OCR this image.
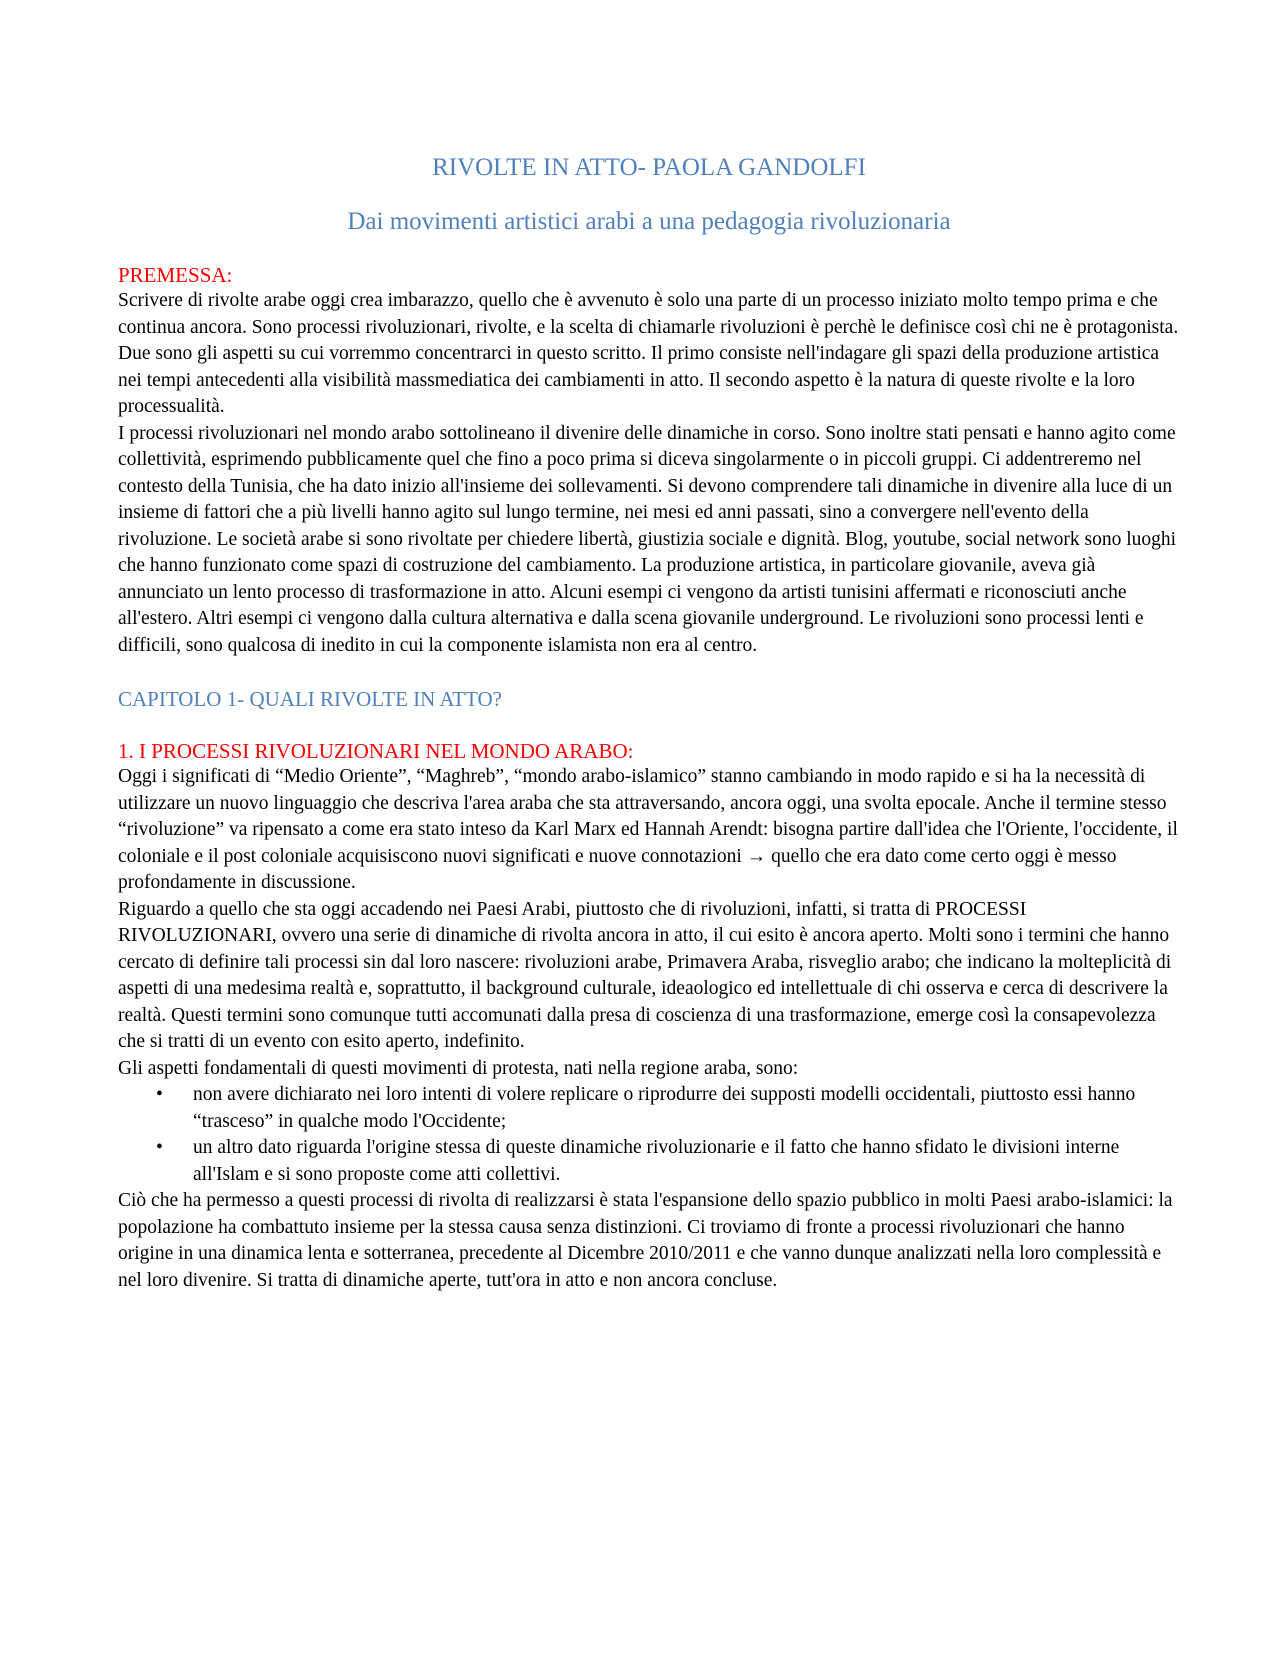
RIVOLTE IN ATTO- PAOLA GANDOLFI
Dai movimenti artistici arabi a una pedagogia rivoluzionaria
PREMESSA:

Scrivere di rivolte arabe oggi crea imbarazzo, quello che è avvenuto è solo una parte di un processo iniziato molto tempo prima e che continua ancora. Sono processi rivoluzionari, rivolte, e la scelta di chiamarle rivoluzioni è perchè le definisce così chi ne è protagonista.

Due sono gli aspetti su cui vorremmo concentrarci in questo scritto. Il primo consiste nell'indagare gli spazi della produzione artistica nei tempi antecedenti alla visibilità massmediatica dei cambiamenti in atto. Il secondo aspetto è la natura di queste rivolte e la loro processualità.

I processi rivoluzionari nel mondo arabo sottolineano il divenire delle dinamiche in corso. Sono inoltre stati pensati e hanno agito come collettività, esprimendo pubblicamente quel che fino a poco prima si diceva singolarmente o in piccoli gruppi. Ci addentreremo nel contesto della Tunisia, che ha dato inizio all'insieme dei sollevamenti. Si devono comprendere tali dinamiche in divenire alla luce di un insieme di fattori che a più livelli hanno agito sul lungo termine, nei mesi ed anni passati, sino a convergere nell'evento della rivoluzione. Le società arabe si sono rivoltate per chiedere libertà, giustizia sociale e dignità. Blog, youtube, social network sono luoghi che hanno funzionato come spazi di costruzione del cambiamento. La produzione artistica, in particolare giovanile, aveva già annunciato un lento processo di trasformazione in atto. Alcuni esempi ci vengono da artisti tunisini affermati e riconosciuti anche all'estero. Altri esempi ci vengono dalla cultura alternativa e dalla scena giovanile underground. Le rivoluzioni sono processi lenti e difficili, sono qualcosa di inedito in cui la componente islamista non era al centro.

CAPITOLO 1- QUALI RIVOLTE IN ATTO?
1. I PROCESSI RIVOLUZIONARI NEL MONDO ARABO:

Oggi i significati di “Medio Oriente”, “Maghreb”, “mondo arabo-islamico” stanno cambiando in modo rapido e si ha la necessità di utilizzare un nuovo linguaggio che descriva l'area araba che sta attraversando, ancora oggi, una svolta epocale. Anche il termine stesso “rivoluzione” va ripensato a come era stato inteso da Karl Marx ed Hannah Arendt: bisogna partire dall'idea che l'Oriente, l'occidente, il coloniale e il post coloniale acquisiscono nuovi significati e nuove connotazioni → quello che era dato come certo oggi è messo profondamente in discussione.

Riguardo a quello che sta oggi accadendo nei Paesi Arabi, piuttosto che di rivoluzioni, infatti, si tratta di PROCESSI RIVOLUZIONARI, ovvero una serie di dinamiche di rivolta ancora in atto, il cui esito è ancora aperto. Molti sono i termini che hanno cercato di definire tali processi sin dal loro nascere: rivoluzioni arabe, Primavera Araba, risveglio arabo; che indicano la molteplicità di aspetti di una medesima realtà e, soprattutto, il background culturale, ideaologico ed intellettuale di chi osserva e cerca di descrivere la realtà. Questi termini sono comunque tutti accomunati dalla presa di coscienza di una trasformazione, emerge così la consapevolezza che si tratti di un evento con esito aperto, indefinito.

Gli aspetti fondamentali di questi movimenti di protesta, nati nella regione araba, sono:

• non avere dichiarato nei loro intenti di volere replicare o riprodurre dei supposti modelli occidentali, piuttosto essi hanno “trasceso” in qualche modo l'Occidente;
• un altro dato riguarda l'origine stessa di queste dinamiche rivoluzionarie e il fatto che hanno sfidato le divisioni interne all'Islam e si sono proposte come atti collettivi.

Ciò che ha permesso a questi processi di rivolta di realizzarsi è stata l'espansione dello spazio pubblico in molti Paesi arabo-islamici: la popolazione ha combattuto insieme per la stessa causa senza distinzioni. Ci troviamo di fronte a processi rivoluzionari che hanno origine in una dinamica lenta e sotterranea, precedente al Dicembre 2010/2011 e che vanno dunque analizzati nella loro complessità e nel loro divenire. Si tratta di dinamiche aperte, tutt'ora in atto e non ancora concluse.
